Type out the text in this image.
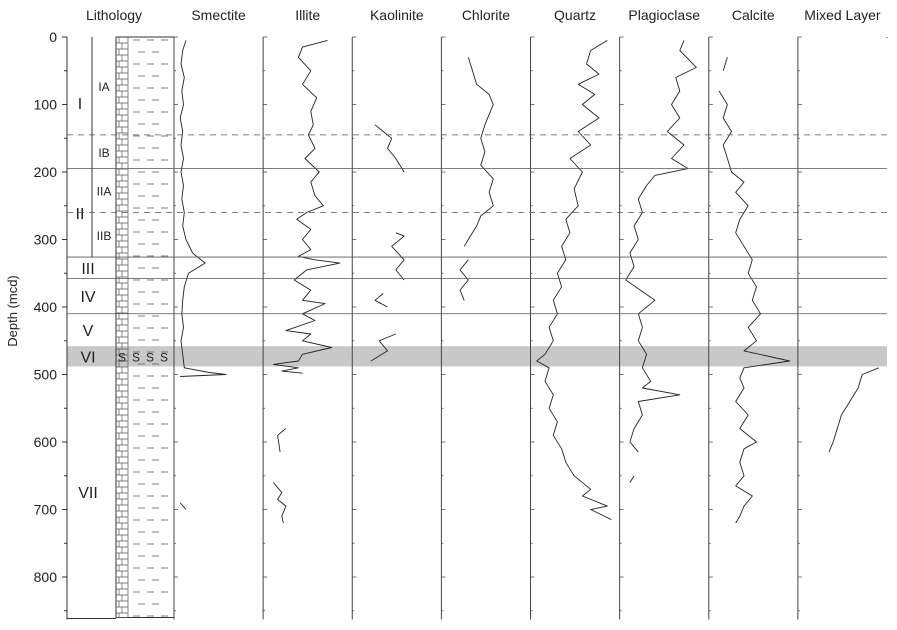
I
IA
IB
II
IIA
IIB
III
IV
V
VI S S S S
VII
Smectite	Illite	Kaolinite	Chlorite	Quartz Plagioclase Calcite Mixed Layer
0
100
200
300
400
500
600
700
800
Depth (mcd)
Lithology
